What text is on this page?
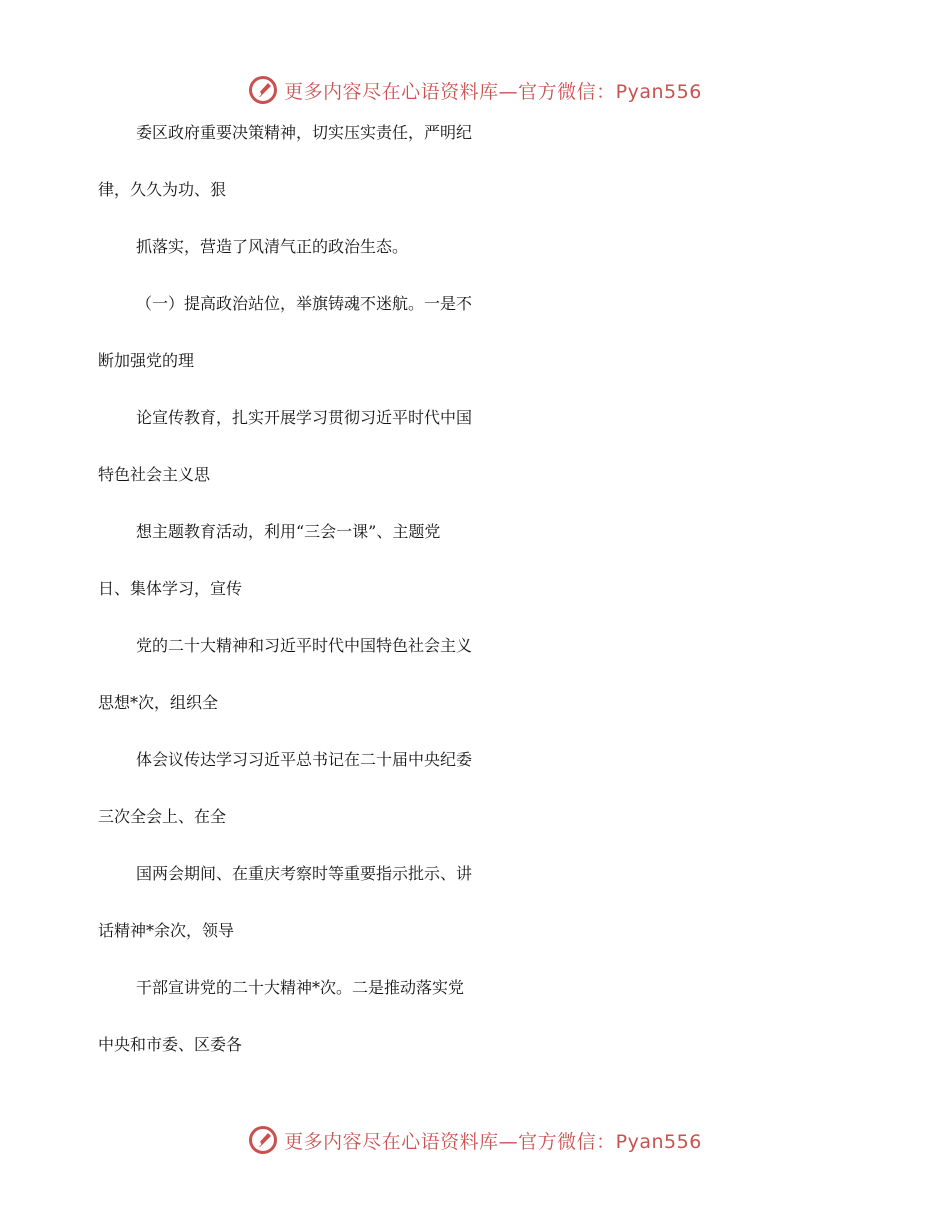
更多内容尽在心语资料库—官方微信：Pyan556
委区政府重要决策精神，切实压实责任，严明纪
律，久久为功、狠
抓落实，营造了风清气正的政治生态。
（一）提高政治站位，举旗铸魂不迷航。一是不
断加强党的理
论宣传教育，扎实开展学习贯彻习近平时代中国
特色社会主义思
想主题教育活动，利用“三会一课”、主题党
日、集体学习，宣传
党的二十大精神和习近平时代中国特色社会主义
思想*次，组织全
体会议传达学习习近平总书记在二十届中央纪委
三次全会上、在全
国两会期间、在重庆考察时等重要指示批示、讲
话精神*余次，领导
干部宣讲党的二十大精神*次。二是推动落实党
中央和市委、区委各
更多内容尽在心语资料库—官方微信：Pyan556
